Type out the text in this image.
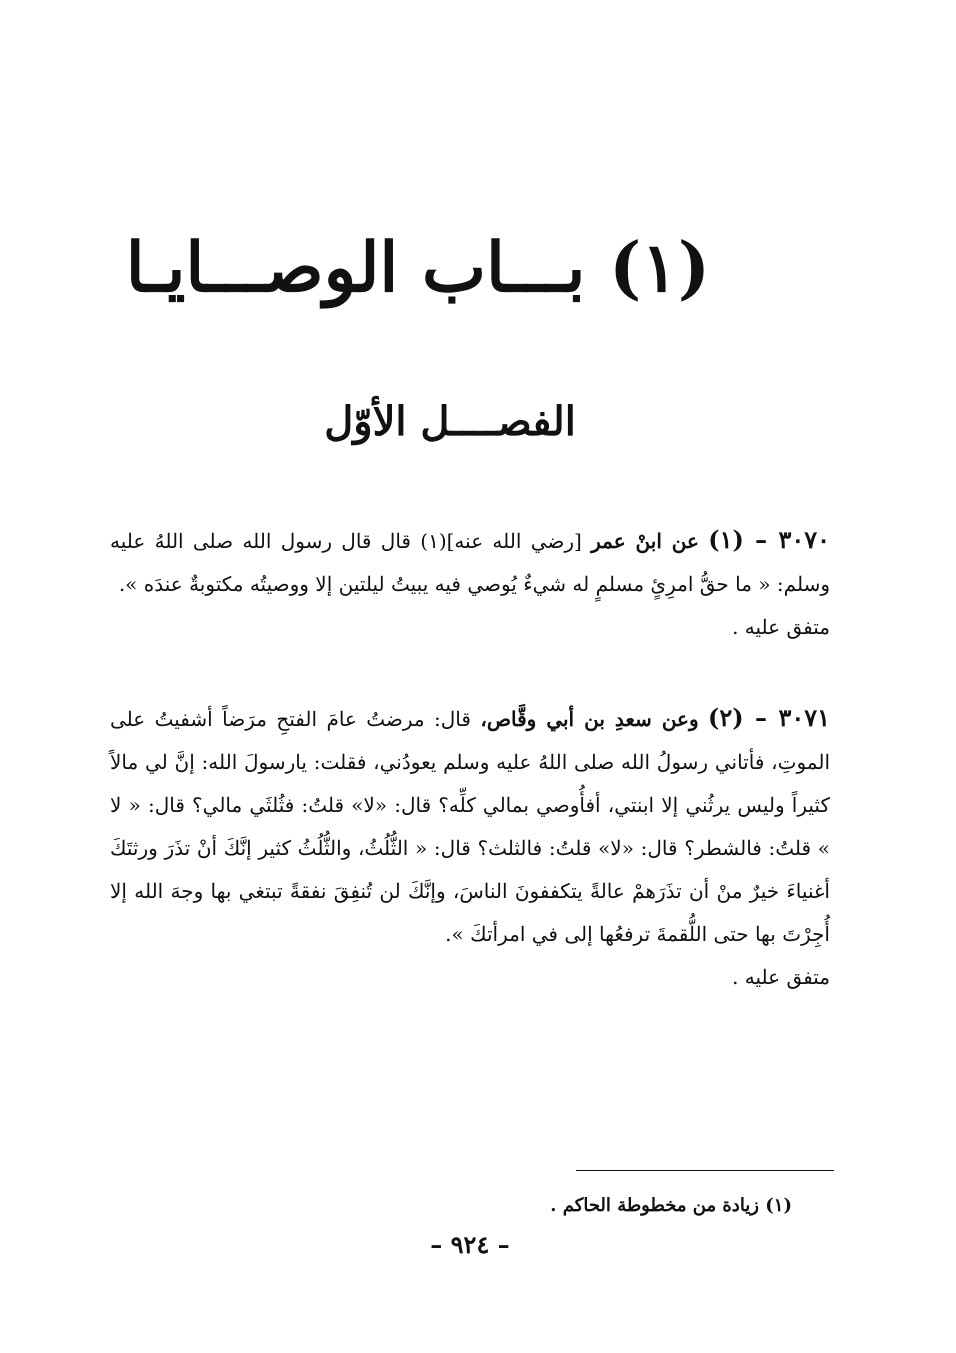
(١) بـــاب الوصـــايـا
الفصــــل الأوّل
٣٠٧٠ – (١) عن ابنْ عمر [رضي الله عنه](١) قال قال رسول الله صلى اللهُ عليه وسلم: « ما حقُّ امرِئٍ مسلمٍ له شيءٌ يُوصي فيه يبيتُ ليلتين إلا ووصيتُه مكتوبةٌ عندَه ».
متفق عليه .
٣٠٧١ – (٢) وعن سعدِ بن أبي وقَّاص، قال: مرضتُ عامَ الفتحِ مرَضاً أشفيتُ على الموتِ، فأتاني رسولُ الله صلى اللهُ عليه وسلم يعودُني، فقلت: يارسولَ الله: إنَّ لي مالاً كثيراً وليس يرثُني إلا ابنتي، أفأُوصي بمالي كلِّه؟ قال: «لا» قلتُ: فثُلثَي مالي؟ قال: « لا » قلتُ: فالشطر؟ قال: «لا» قلتُ: فالثلث؟ قال: « الثُّلُثُ، والثُّلُثُ كثير إنَّكَ أنْ تذَرَ ورثتَكَ أغنياءَ خيرٌ منْ أن تذَرَهمْ عالةً يتكففونَ الناسَ، وإنَّكَ لن تُنفِقَ نفقةً تبتغي بها وجهَ الله إلا أُجِرْتَ بها حتى اللُّقمةَ ترفعُها إلى في امرأتكَ ».
متفق عليه .
(١) زيادة من مخطوطة الحاكم .
– ٩٢٤ –
